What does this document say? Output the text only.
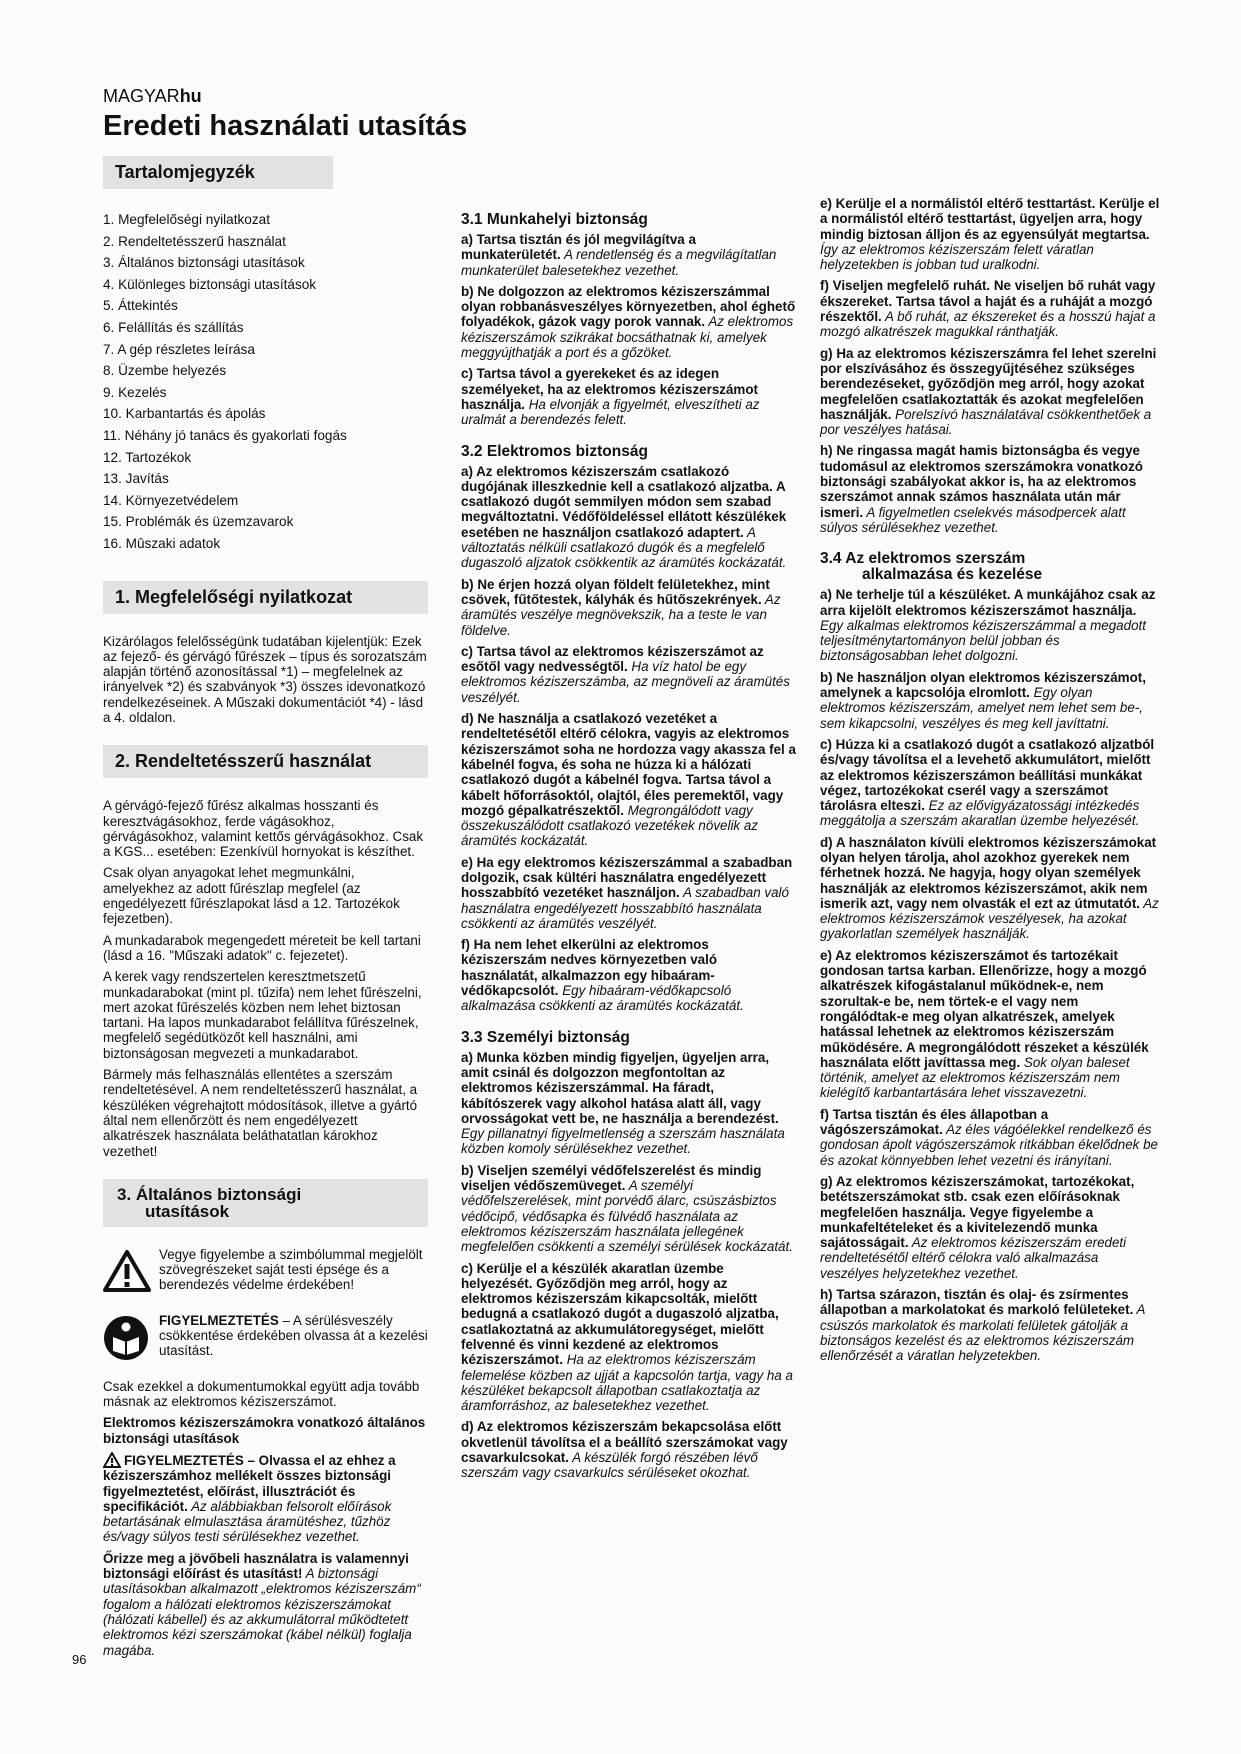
MAGYARhu
Eredeti használati utasítás
Tartalomjegyzék
1. Megfelelőségi nyilatkozat
2. Rendeltetésszerű használat
3. Általános biztonsági utasítások
4. Különleges biztonsági utasítások
5. Áttekintés
6. Felállítás és szállítás
7. A gép részletes leírása
8. Üzembe helyezés
9. Kezelés
10. Karbantartás és ápolás
11. Néhány jó tanács és gyakorlati fogás
12. Tartozékok
13. Javítás
14. Környezetvédelem
15. Problémák és üzemzavarok
16. Mûszaki adatok
1. Megfelelőségi nyilatkozat

Kizárólagos felelősségünk tudatában kijelentjük: Ezek az fejező- és gérvágó fűrészek – típus és sorozatszám alapján történő azonosítással *1) – megfelelnek az irányelvek *2) és szabványok *3) összes idevonatkozó rendelkezéseinek. A Műszaki dokumentációt *4) - lásd a 4. oldalon.

2. Rendeltetésszerű használat

A gérvágó-fejező fűrész alkalmas hosszanti és keresztvágásokhoz, ferde vágásokhoz, gérvágásokhoz, valamint kettős gérvágásokhoz. Csak a KGS... esetében: Ezenkívül hornyokat is készíthet.

Csak olyan anyagokat lehet megmunkálni, amelyekhez az adott fűrészlap megfelel (az engedélyezett fűrészlapokat lásd a 12. Tartozékok fejezetben).

A munkadarabok megengedett méreteit be kell tartani (lásd a 16. "Műszaki adatok" c. fejezetet).

A kerek vagy rendszertelen keresztmetszetű munkadarabokat (mint pl. tűzifa) nem lehet fűrészelni, mert azokat fűrészelés közben nem lehet biztosan tartani. Ha lapos munkadarabot felállítva fűrészelnek, megfelelő segédütközőt kell használni, ami biztonságosan megvezeti a munkadarabot.

Bármely más felhasználás ellentétes a szerszám rendeltetésével. A nem rendeltetésszerű használat, a készüléken végrehajtott módosítások, illetve a gyártó által nem ellenőrzött és nem engedélyezett alkatrészek használata beláthatatlan károkhoz vezethet!

3. Általános biztonsági
utasítások
Vegye figyelembe a szimbólummal megjelölt szövegrészeket saját testi épsége és a berendezés védelme érdekében!
FIGYELMEZTETÉS – A sérülésveszély csökkentése érdekében olvassa át a kezelési utasítást.

Csak ezekkel a dokumentumokkal együtt adja tovább másnak az elektromos kéziszerszámot.

Elektromos kéziszerszámokra vonatkozó általános biztonsági utasítások

FIGYELMEZTETÉS – Olvassa el az ehhez a kéziszerszámhoz mellékelt összes biztonsági figyelmeztetést, előírást, illusztrációt és specifikációt. Az alábbiakban felsorolt előírások betartásának elmulasztása áramütéshez, tűzhöz és/vagy súlyos testi sérülésekhez vezethet.

Őrizze meg a jövőbeli használatra is valamennyi biztonsági előírást és utasítást! A biztonsági utasításokban alkalmazott „elektromos kéziszerszám“ fogalom a hálózati elektromos kéziszerszámokat (hálózati kábellel) és az akkumulátorral működtetett elektromos kézi szerszámokat (kábel nélkül) foglalja magába.

3.1 Munkahelyi biztonság

a) Tartsa tisztán és jól megvilágítva a munkaterületét. A rendetlenség és a megvilágítatlan munkaterület balesetekhez vezethet.

b) Ne dolgozzon az elektromos kéziszerszámmal olyan robbanásveszélyes környezetben, ahol éghető folyadékok, gázok vagy porok vannak. Az elektromos kéziszerszámok szikrákat bocsáthatnak ki, amelyek meggyújthatják a port és a gőzöket.

c) Tartsa távol a gyerekeket és az idegen személyeket, ha az elektromos kéziszerszámot használja. Ha elvonják a figyelmét, elveszítheti az uralmát a berendezés felett.

3.2 Elektromos biztonság

a) Az elektromos kéziszerszám csatlakozó dugójának illeszkednie kell a csatlakozó aljzatba. A csatlakozó dugót semmilyen módon sem szabad megváltoztatni. Védőföldeléssel ellátott készülékek esetében ne használjon csatlakozó adaptert. A változtatás nélküli csatlakozó dugók és a megfelelő dugaszoló aljzatok csökkentik az áramütés kockázatát.

b) Ne érjen hozzá olyan földelt felületekhez, mint csövek, fűtőtestek, kályhák és hűtőszekrények. Az áramütés veszélye megnövekszik, ha a teste le van földelve.

c) Tartsa távol az elektromos kéziszerszámot az esőtől vagy nedvességtől. Ha víz hatol be egy elektromos kéziszerszámba, az megnöveli az áramütés veszélyét.

d) Ne használja a csatlakozó vezetéket a rendeltetésétől eltérő célokra, vagyis az elektromos kéziszerszámot soha ne hordozza vagy akassza fel a kábelnél fogva, és soha ne húzza ki a hálózati csatlakozó dugót a kábelnél fogva. Tartsa távol a kábelt hőforrásoktól, olajtól, éles peremektől, vagy mozgó gépalkatrészektől. Megrongálódott vagy összekuszálódott csatlakozó vezetékek növelik az áramütés kockázatát.

e) Ha egy elektromos kéziszerszámmal a szabadban dolgozik, csak kültéri használatra engedélyezett hosszabbító vezetéket használjon. A szabadban való használatra engedélyezett hosszabbító használata csökkenti az áramütés veszélyét.

f) Ha nem lehet elkerülni az elektromos kéziszerszám nedves környezetben való használatát, alkalmazzon egy hibaáram-védőkapcsolót. Egy hibaáram-védőkapcsoló alkalmazása csökkenti az áramütés kockázatát.

3.3 Személyi biztonság

a) Munka közben mindig figyeljen, ügyeljen arra, amit csinál és dolgozzon megfontoltan az elektromos kéziszerszámmal. Ha fáradt, kábítószerek vagy alkohol hatása alatt áll, vagy orvosságokat vett be, ne használja a berendezést. Egy pillanatnyi figyelmetlenség a szerszám használata közben komoly sérülésekhez vezethet.

b) Viseljen személyi védőfelszerelést és mindig viseljen védőszemüveget. A személyi védőfelszerelések, mint porvédő álarc, csúszásbiztos védőcipő, védősapka és fülvédő használata az elektromos kéziszerszám használata jellegének megfelelően csökkenti a személyi sérülések kockázatát.

c) Kerülje el a készülék akaratlan üzembe helyezését. Győződjön meg arról, hogy az elektromos kéziszerszám kikapcsolták, mielőtt bedugná a csatlakozó dugót a dugaszoló aljzatba, csatlakoztatná az akkumulátoregységet, mielőtt felvenné és vinni kezdené az elektromos kéziszerszámot. Ha az elektromos kéziszerszám felemelése közben az ujját a kapcsolón tartja, vagy ha a készüléket bekapcsolt állapotban csatlakoztatja az áramforráshoz, az balesetekhez vezethet.

d) Az elektromos kéziszerszám bekapcsolása előtt okvetlenül távolítsa el a beállító szerszámokat vagy csavarkulcsokat. A készülék forgó részében lévő szerszám vagy csavarkulcs sérüléseket okozhat.

e) Kerülje el a normálistól eltérő testtartást. Kerülje el a normálistól eltérő testtartást, ügyeljen arra, hogy mindig biztosan álljon és az egyensúlyát megtartsa. Így az elektromos kéziszerszám felett váratlan helyzetekben is jobban tud uralkodni.

f) Viseljen megfelelő ruhát. Ne viseljen bő ruhát vagy ékszereket. Tartsa távol a haját és a ruháját a mozgó részektől. A bő ruhát, az ékszereket és a hosszú hajat a mozgó alkatrészek magukkal ránthatják.

g) Ha az elektromos kéziszerszámra fel lehet szerelni por elszívásához és összegyűjtéséhez szükséges berendezéseket, győződjön meg arról, hogy azokat megfelelően csatlakoztatták és azokat megfelelően használják. Porelszívó használatával csökkenthetőek a por veszélyes hatásai.

h) Ne ringassa magát hamis biztonságba és vegye tudomásul az elektromos szerszámokra vonatkozó biztonsági szabályokat akkor is, ha az elektromos szerszámot annak számos használata után már ismeri. A figyelmetlen cselekvés másodpercek alatt súlyos sérülésekhez vezethet.

3.4 Az elektromos szerszám
alkalmazása és kezelése

a) Ne terhelje túl a készüléket. A munkájához csak az arra kijelölt elektromos kéziszerszámot használja. Egy alkalmas elektromos kéziszerszámmal a megadott teljesítménytartományon belül jobban és biztonságosabban lehet dolgozni.

b) Ne használjon olyan elektromos kéziszerszámot, amelynek a kapcsolója elromlott. Egy olyan elektromos kéziszerszám, amelyet nem lehet sem be-, sem kikapcsolni, veszélyes és meg kell javíttatni.

c) Húzza ki a csatlakozó dugót a csatlakozó aljzatból és/vagy távolítsa el a levehető akkumulátort, mielőtt az elektromos kéziszerszámon beállítási munkákat végez, tartozékokat cserél vagy a szerszámot tárolásra elteszi. Ez az elővigyázatossági intézkedés meggátolja a szerszám akaratlan üzembe helyezését.

d) A használaton kívüli elektromos kéziszerszámokat olyan helyen tárolja, ahol azokhoz gyerekek nem férhetnek hozzá. Ne hagyja, hogy olyan személyek használják az elektromos kéziszerszámot, akik nem ismerik azt, vagy nem olvasták el ezt az útmutatót. Az elektromos kéziszerszámok veszélyesek, ha azokat gyakorlatlan személyek használják.

e) Az elektromos kéziszerszámot és tartozékait gondosan tartsa karban. Ellenőrizze, hogy a mozgó alkatrészek kifogástalanul működnek-e, nem szorultak-e be, nem törtek-e el vagy nem rongálódtak-e meg olyan alkatrészek, amelyek hatással lehetnek az elektromos kéziszerszám működésére. A megrongálódott részeket a készülék használata előtt javíttassa meg. Sok olyan baleset történik, amelyet az elektromos kéziszerszám nem kielégítő karbantartására lehet visszavezetni.

f) Tartsa tisztán és éles állapotban a vágószerszámokat. Az éles vágóélekkel rendelkező és gondosan ápolt vágószerszámok ritkábban ékelődnek be és azokat könnyebben lehet vezetni és irányítani.

g) Az elektromos kéziszerszámokat, tartozékokat, betétszerszámokat stb. csak ezen előírásoknak megfelelően használja. Vegye figyelembe a munkafeltételeket és a kivitelezendő munka sajátosságait. Az elektromos kéziszerszám eredeti rendeltetésétől eltérő célokra való alkalmazása veszélyes helyzetekhez vezethet.

h) Tartsa szárazon, tisztán és olaj- és zsírmentes állapotban a markolatokat és markoló felületeket. A csúszós markolatok és markolati felületek gátolják a biztonságos kezelést és az elektromos kéziszerszám ellenőrzését a váratlan helyzetekben.

96
